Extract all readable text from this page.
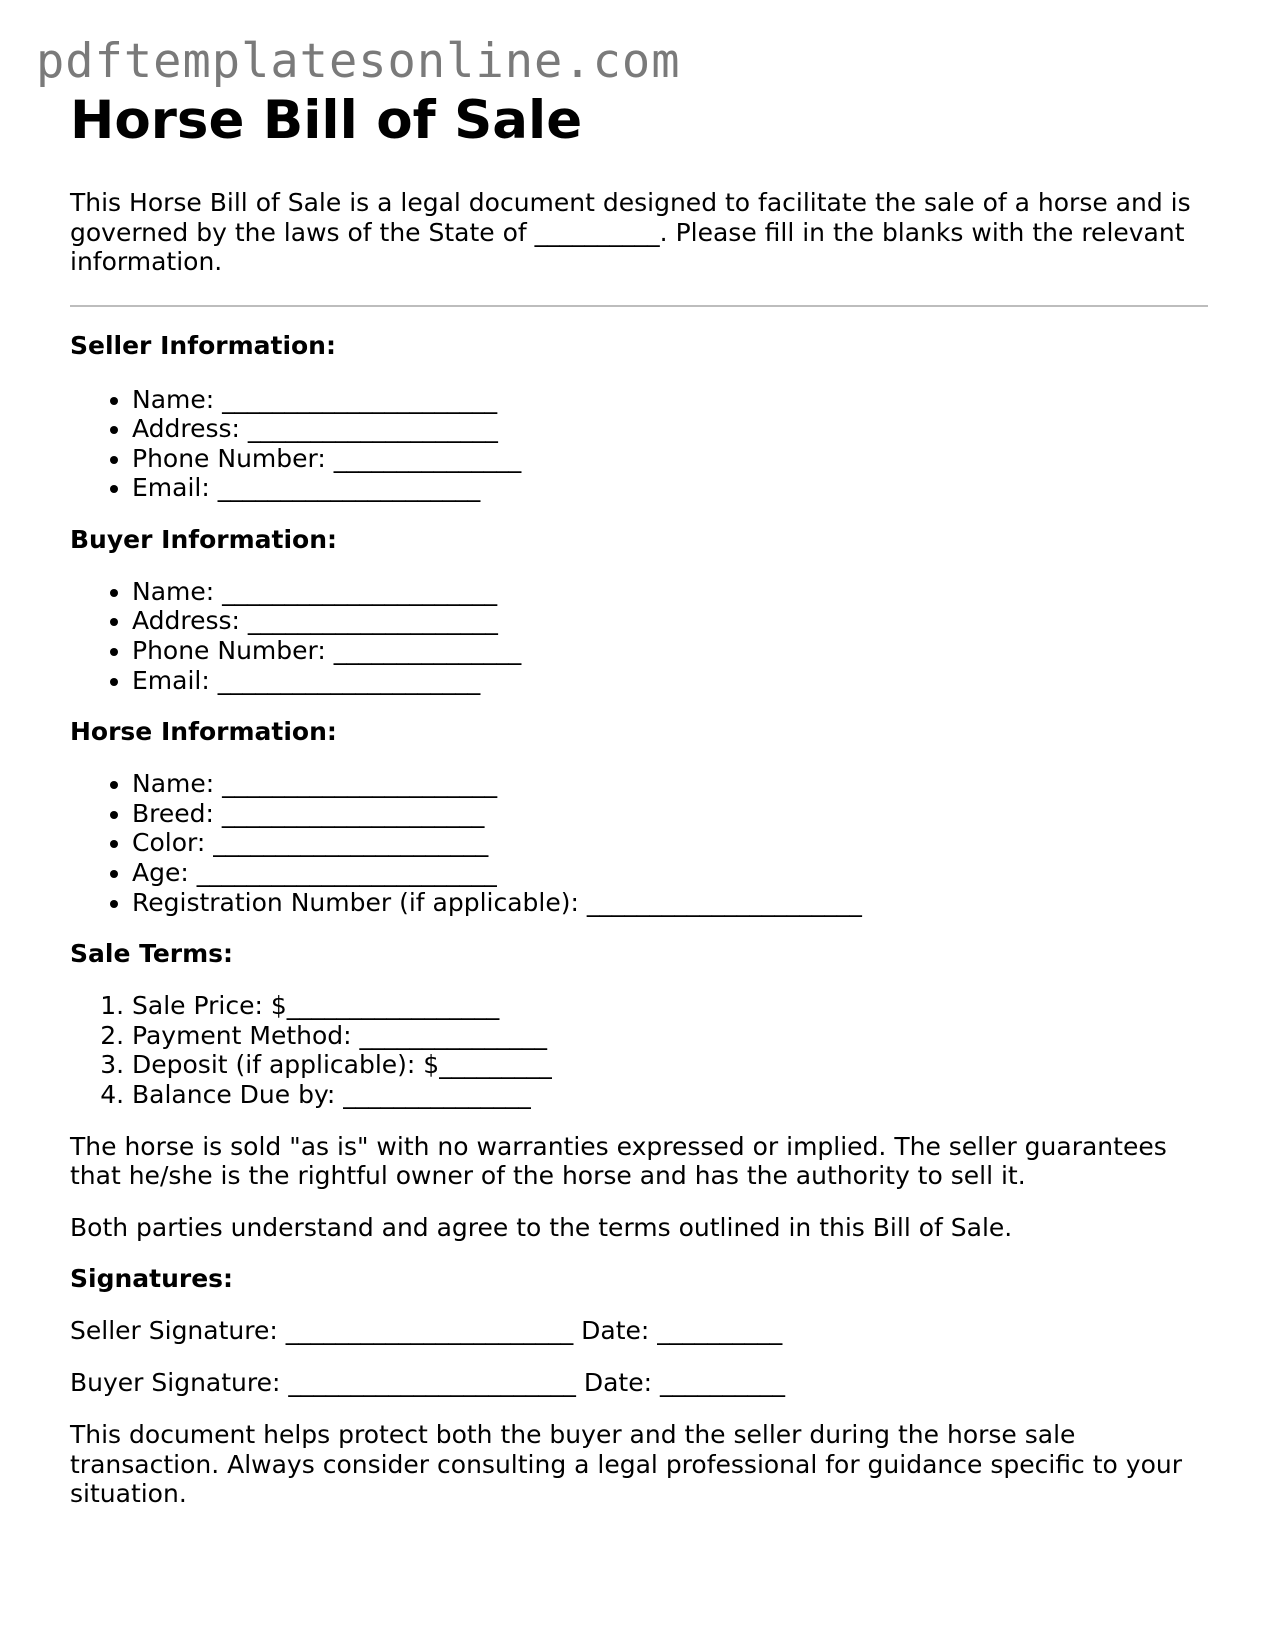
pdftemplatesonline.com
Horse Bill of Sale

This Horse Bill of Sale is a legal document designed to facilitate the sale of a horse and is governed by the laws of the State of __________. Please fill in the blanks with the relevant information.

Seller Information:

• Name: ______________________
• Address: ____________________
• Phone Number: _______________
• Email: _____________________

Buyer Information:

• Name: ______________________
• Address: ____________________
• Phone Number: _______________
• Email: _____________________

Horse Information:

• Name: ______________________
• Breed: _____________________
• Color: ______________________
• Age: ________________________
• Registration Number (if applicable): ______________________

Sale Terms:

1. Sale Price: $_________________
2. Payment Method: _______________
3. Deposit (if applicable): $_________
4. Balance Due by: _______________

The horse is sold "as is" with no warranties expressed or implied. The seller guarantees that he/she is the rightful owner of the horse and has the authority to sell it.

Both parties understand and agree to the terms outlined in this Bill of Sale.

Signatures:

Seller Signature: _______________________ Date: __________

Buyer Signature: _______________________ Date: __________

This document helps protect both the buyer and the seller during the horse sale transaction. Always consider consulting a legal professional for guidance specific to your situation.
